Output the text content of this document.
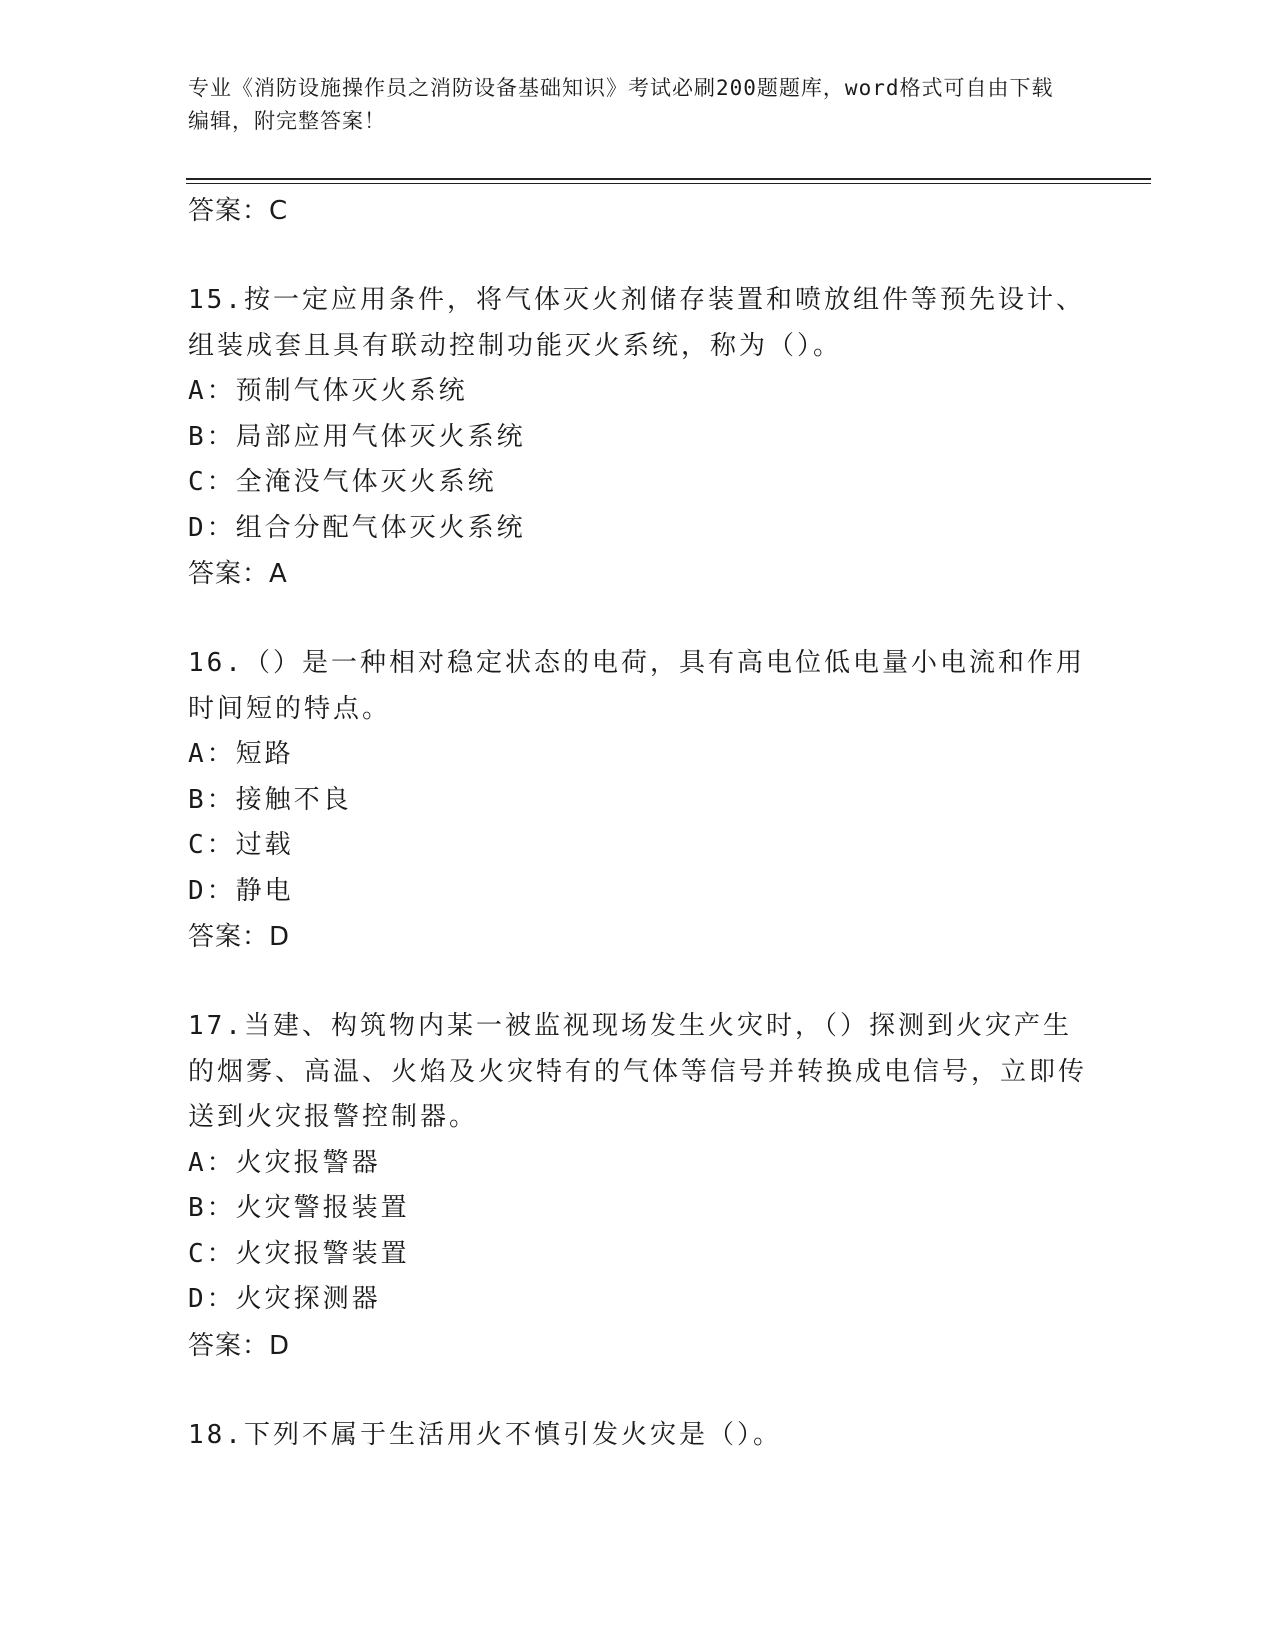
专业《消防设施操作员之消防设备基础知识》考试必刷200题题库，word格式可自由下载编辑，附完整答案！
答案：C
15.按一定应用条件，将气体灭火剂储存装置和喷放组件等预先设计、组装成套且具有联动控制功能灭火系统，称为（）。
A：预制气体灭火系统
B：局部应用气体灭火系统
C：全淹没气体灭火系统
D：组合分配气体灭火系统
答案：A
16.（）是一种相对稳定状态的电荷，具有高电位低电量小电流和作用时间短的特点。
A：短路
B：接触不良
C：过载
D：静电
答案：D
17.当建、构筑物内某一被监视现场发生火灾时，（）探测到火灾产生的烟雾、高温、火焰及火灾特有的气体等信号并转换成电信号，立即传送到火灾报警控制器。
A：火灾报警器
B：火灾警报装置
C：火灾报警装置
D：火灾探测器
答案：D
18.下列不属于生活用火不慎引发火灾是（）。
